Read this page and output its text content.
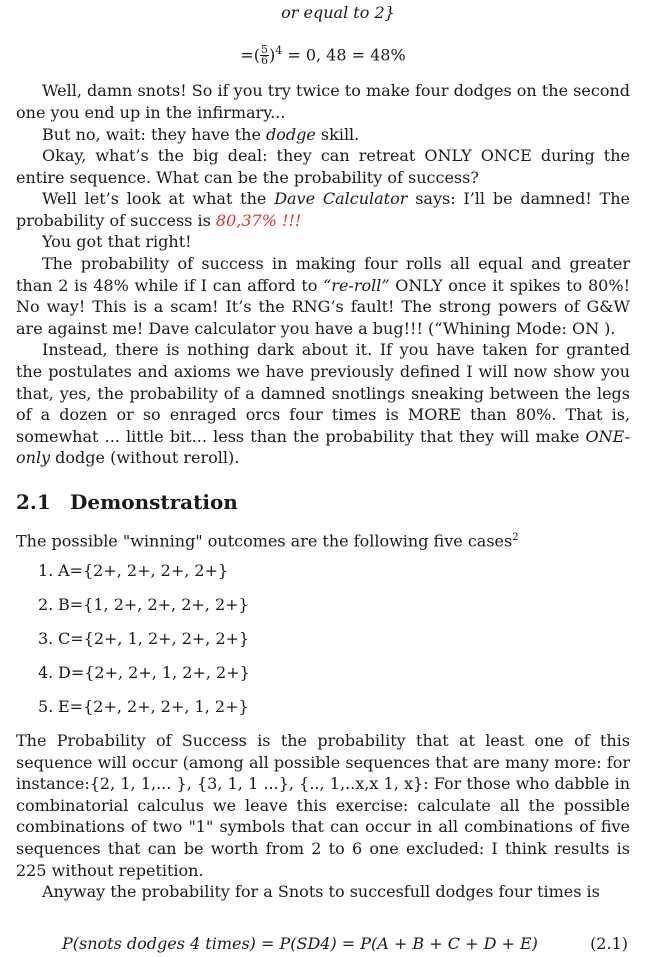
or equal to 2}
=( $\frac{5}{6} )^4 = 0$, 48 = 48%

Well, damn snots! So if you try twice to make four dodges on the second one you end up in the infirmary...

But no, wait: they have the dodge skill.

Okay, what’s the big deal: they can retreat ONLY ONCE during the entire sequence. What can be the probability of success?

Well let’s look at what the Dave Calculator says: I’ll be damned! The probability of success is 80,37% !!!

You got that right!

The probability of success in making four rolls all equal and greater than 2 is 48% while if I can afford to “re-roll” ONLY once it spikes to 80%! No way! This is a scam! It’s the RNG’s fault! The strong powers of G&W are against me! Dave calculator you have a bug!!! (“Whining Mode: ON ).

Instead, there is nothing dark about it. If you have taken for granted the postulates and axioms we have previously defined I will now show you that, yes, the probability of a damned snotlings sneaking between the legs of a dozen or so enraged orcs four times is MORE than 80%. That is, somewhat ... little bit... less than the probability that they will make ONE-only dodge (without reroll).

2.1 Demonstration

The possible "winning" outcomes are the following five cases$^2$

1. A={2+, 2+, 2+, 2+}
2. B={1, 2+, 2+, 2+, 2+}
3. C={2+, 1, 2+, 2+, 2+}
4. D={2+, 2+, 1, 2+, 2+}
5. E={2+, 2+, 2+, 1, 2+}

The Probability of Success is the probability that at least one of this sequence will occur (among all possible sequences that are many more: for instance:{2, 1, 1,... }, {3, 1, 1 ...}, {.., 1,..x,x 1, x}: For those who dabble in combinatorial calculus we leave this exercise: calculate all the possible combinations of two "1" symbols that can occur in all combinations of five sequences that can be worth from 2 to 6 one excluded: I think results is 225 without repetition.

Anyway the probability for a Snots to succesfull dodges four times is

P(snots dodges 4 times) = P(SD4) = P(A + B + C + D + E)	(2.1)
